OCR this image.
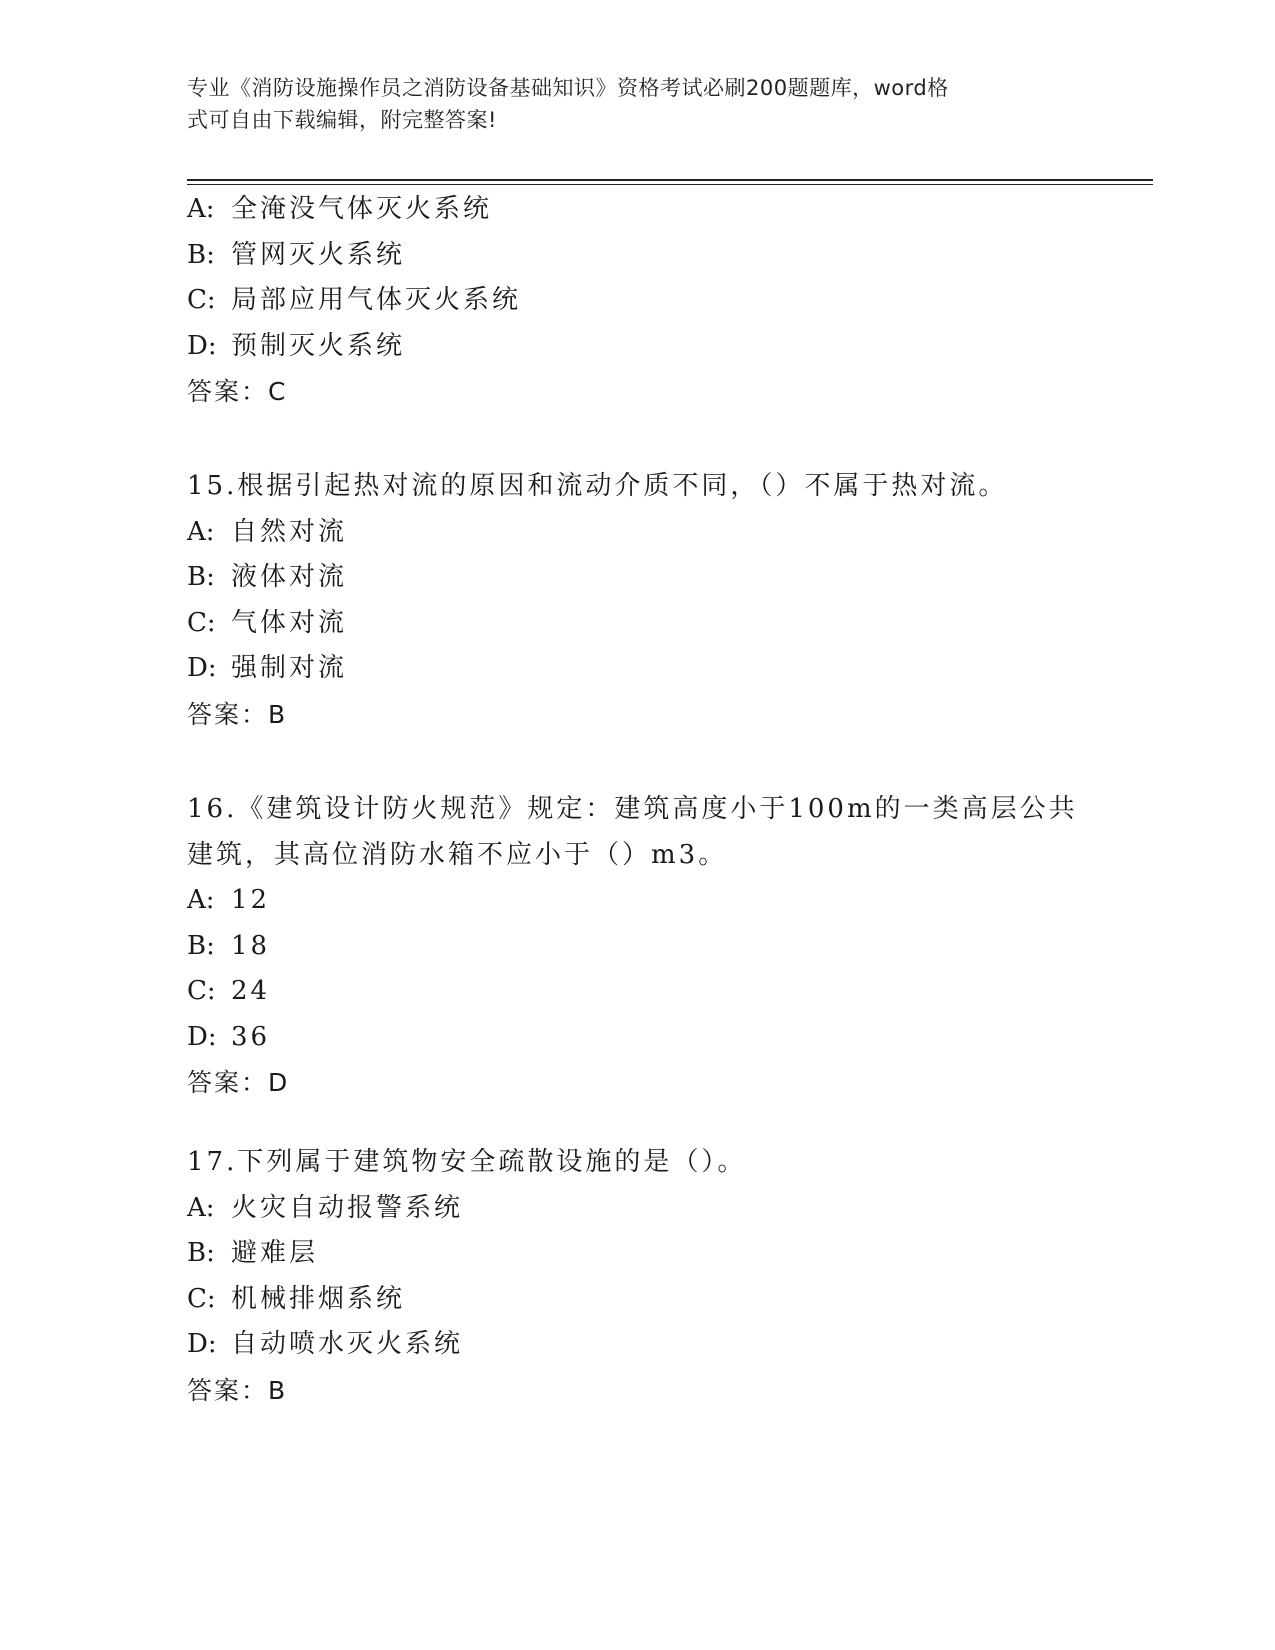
专业《消防设施操作员之消防设备基础知识》资格考试必刷200题题库，word格
式可自由下载编辑，附完整答案!
A: 全淹没气体灭火系统
B: 管网灭火系统
C: 局部应用气体灭火系统
D: 预制灭火系统
答案：C
15.根据引起热对流的原因和流动介质不同，（）不属于热对流。
A: 自然对流
B: 液体对流
C: 气体对流
D: 强制对流
答案：B
16.《建筑设计防火规范》规定：建筑高度小于100m的一类高层公共
建筑，其高位消防水箱不应小于（）m3。
A: 12
B: 18
C: 24
D: 36
答案：D
17.下列属于建筑物安全疏散设施的是（）。
A: 火灾自动报警系统
B: 避难层
C: 机械排烟系统
D: 自动喷水灭火系统
答案：B
